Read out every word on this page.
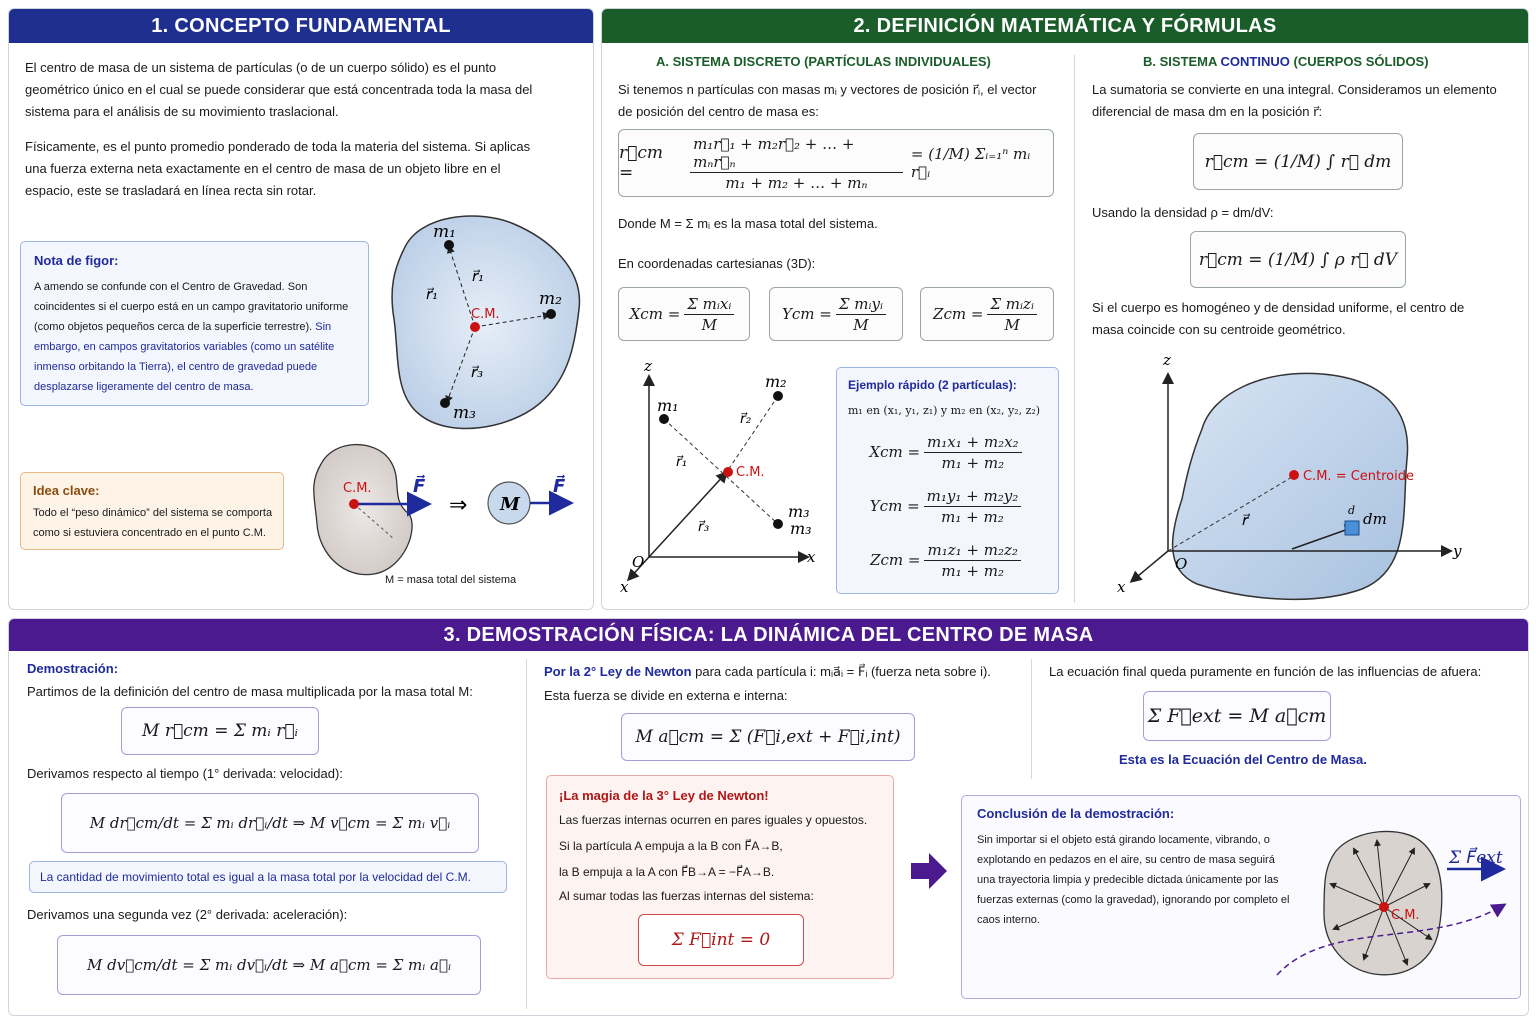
1. CONCEPTO FUNDAMENTAL
El centro de masa de un sistema de partículas (o de un cuerpo sólido) es el punto geométrico único en el cual se puede considerar que está concentrada toda la masa del sistema para el análisis de su movimiento traslacional.
Físicamente, es el punto promedio ponderado de toda la materia del sistema. Si aplicas una fuerza externa neta exactamente en el centro de masa de un objeto libre en el espacio, este se trasladará en línea recta sin rotar.
Nota de figor:
A amendo se confunde con el Centro de Gravedad. Son coincidentes si el cuerpo está en un campo gravitatorio uniforme (como objetos pequeños cerca de la superficie terrestre). Sin embargo, en campos gravitatorios variables (como un satélite inmenso orbitando la Tierra), el centro de gravedad puede desplazarse ligeramente del centro de masa.
m₁
m₂
m₃
C.M.
r⃗₁
r⃗₁
r⃗₃
C.M. F⃗
⇒ M
F⃗
Idea clave:
Todo el “peso dinámico” del sistema se comporta como si estuviera concentrado en el punto C.M.
M = masa total del sistema
2. DEFINICIÓN MATEMÁTICA Y FÓRMULAS
A. SISTEMA DISCRETO (PARTÍCULAS INDIVIDUALES)
Si tenemos n partículas con masas mᵢ y vectores de posición r⃗ᵢ, el vector de posición del centro de masa es:
r⃗cm =	$\frac{\text{m₁r⃗₁ + m₂r⃗₂ + … + mₙr⃗ₙ}}{\text{m₁ + m₂ + … + mₙ}} = (1/M)$ Σᵢ₌₁ⁿ mᵢ r⃗ᵢ
Donde M = Σ mᵢ es la masa total del sistema.
En coordenadas cartesianas (3D):
Xcm = $\frac{\text{Σ mᵢxᵢ}}{M}$	Ycm = $\frac{\text{Σ mᵢyᵢ}}{M}$	Zcm = $\frac{\text{Σ mᵢzᵢ}}{M}$
z
x
x
O
m₁
m₂
m₃
m₃
r⃗₁
r⃗₂
r⃗₃
C.M.
Ejemplo rápido (2 partículas):
m₁ en (x₁, y₁, z₁) y m₂ en (x₂, y₂, z₂)
Xcm = $\frac{\text{m₁x₁ + m₂x₂}}{\text{m₁ + m₂}}$
Ycm = $\frac{\text{m₁y₁ + m₂y₂}}{\text{m₁ + m₂}}$
Zcm = $\frac{\text{m₁z₁ + m₂z₂}}{\text{m₁ + m₂}}$
B. SISTEMA CONTINUO (CUERPOS SÓLIDOS)
La sumatoria se convierte en una integral. Consideramos un elemento diferencial de masa dm en la posición r⃗:
r⃗cm = (1/M) ∫ r⃗ dm
Usando la densidad ρ = dm/dV:
r⃗cm = (1/M) ∫ ρ r⃗ dV
Si el cuerpo es homogéneo y de densidad uniforme, el centro de masa coincide con su centroide geométrico.
z
y
x
O
C.M. = Centroide
r⃗
d dm
3. DEMOSTRACIÓN FÍSICA: LA DINÁMICA DEL CENTRO DE MASA
Demostración:
Partimos de la definición del centro de masa multiplicada por la masa total M:
M r⃗cm = Σ mᵢ r⃗ᵢ
Derivamos respecto al tiempo (1° derivada: velocidad):
M dr⃗cm/dt = Σ mᵢ dr⃗ᵢ/dt ⇒ M v⃗cm = Σ mᵢ v⃗ᵢ
La cantidad de movimiento total es igual a la masa total por la velocidad del C.M.
Derivamos una segunda vez (2° derivada: aceleración):
M dv⃗cm/dt = Σ mᵢ dv⃗ᵢ/dt ⇒ M a⃗cm = Σ mᵢ a⃗ᵢ
Por la 2° Ley de Newton para cada partícula i: mᵢa⃗ᵢ = F⃗ᵢ (fuerza neta sobre i).
Esta fuerza se divide en externa e interna:
M a⃗cm = Σ (F⃗i,ext + F⃗i,int)
¡La magia de la 3° Ley de Newton!
Las fuerzas internas ocurren en pares iguales y opuestos.
Si la partícula A empuja a la B con F⃗A→B,
la B empuja a la A con F⃗B→A = −F⃗A→B.
Al sumar todas las fuerzas internas del sistema:
Σ F⃗int = 0
La ecuación final queda puramente en función de las influencias de afuera:
Σ F⃗ext = M a⃗cm
Esta es la Ecuación del Centro de Masa.
Conclusión de la demostración:
Sin importar si el objeto está girando locamente, vibrando, o explotando en pedazos en el aire, su centro de masa seguirá una trayectoria limpia y predecible dictada únicamente por las fuerzas externas (como la gravedad), ignorando por completo el caos interno.	C.M.
Σ F⃗ext
